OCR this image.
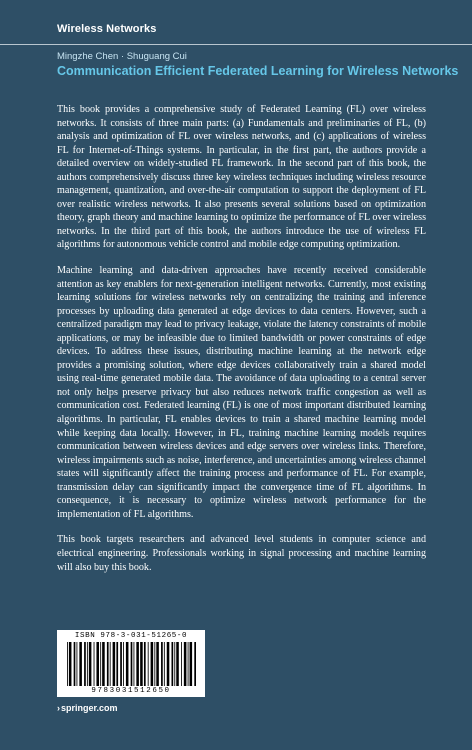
Wireless Networks
Mingzhe Chen · Shuguang Cui
Communication Efficient Federated Learning for Wireless Networks

This book provides a comprehensive study of Federated Learning (FL) over wireless networks. It consists of three main parts: (a) Fundamentals and preliminaries of FL, (b) analysis and optimization of FL over wireless networks, and (c) applications of wireless FL for Internet-of-Things systems. In particular, in the first part, the authors provide a detailed overview on widely-studied FL framework. In the second part of this book, the authors comprehensively discuss three key wireless techniques including wireless resource management, quantization, and over-the-air computation to support the deployment of FL over realistic wireless networks. It also presents several solutions based on optimization theory, graph theory and machine learning to optimize the performance of FL over wireless networks. In the third part of this book, the authors introduce the use of wireless FL algorithms for autonomous vehicle control and mobile edge computing optimization.

Machine learning and data-driven approaches have recently received considerable attention as key enablers for next-generation intelligent networks. Currently, most existing learning solutions for wireless networks rely on centralizing the training and inference processes by uploading data generated at edge devices to data centers. However, such a centralized paradigm may lead to privacy leakage, violate the latency constraints of mobile applications, or may be infeasible due to limited bandwidth or power constraints of edge devices. To address these issues, distributing machine learning at the network edge provides a promising solution, where edge devices collaboratively train a shared model using real-time generated mobile data. The avoidance of data uploading to a central server not only helps preserve privacy but also reduces network traffic congestion as well as communication cost. Federated learning (FL) is one of most important distributed learning algorithms. In particular, FL enables devices to train a shared machine learning model while keeping data locally. However, in FL, training machine learning models requires communication between wireless devices and edge servers over wireless links. Therefore, wireless impairments such as noise, interference, and uncertainties among wireless channel states will significantly affect the training process and performance of FL. For example, transmission delay can significantly impact the convergence time of FL algorithms. In consequence, it is necessary to optimize wireless network performance for the implementation of FL algorithms.

This book targets researchers and advanced level students in computer science and electrical engineering. Professionals working in signal processing and machine learning will also buy this book.

ISBN 978-3-031-51265-0
9783031512650
›springer.com
